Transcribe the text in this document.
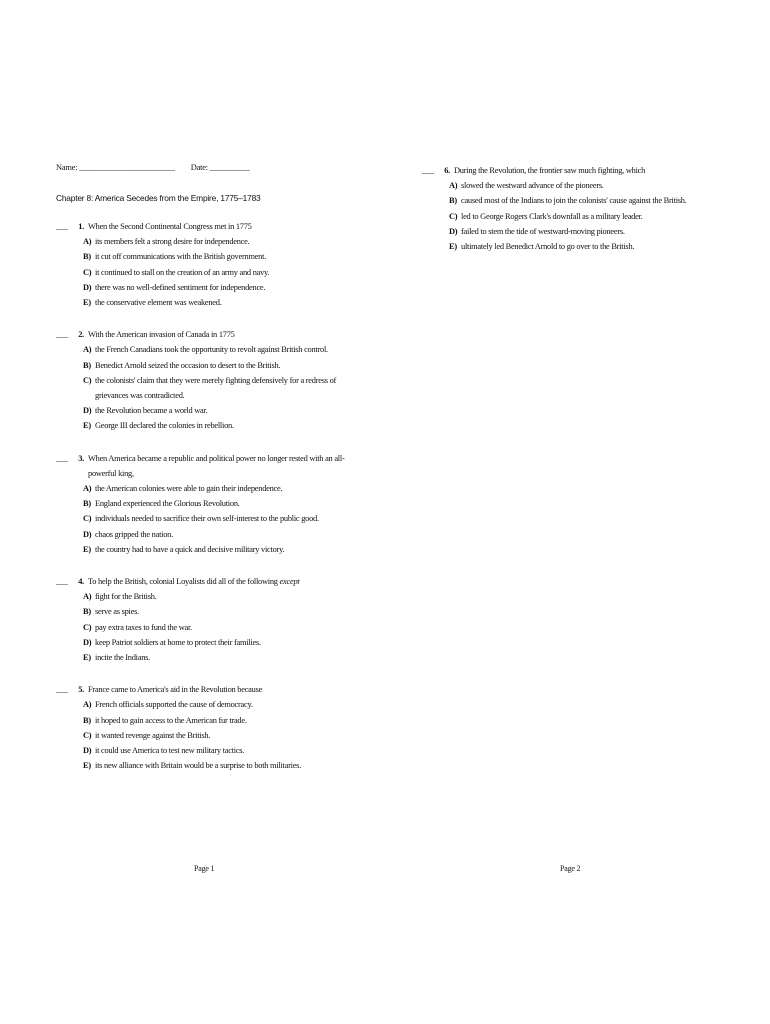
Name: ________________________ Date: __________
Chapter 8: America Secedes from the Empire, 1775–1783
___	1. When the Second Continental Congress met in 1775
A) its members felt a strong desire for independence.
B) it cut off communications with the British government.
C) it continued to stall on the creation of an army and navy.
D) there was no well-defined sentiment for independence.
E) the conservative element was weakened.
___	2. With the American invasion of Canada in 1775
A) the French Canadians took the opportunity to revolt against British control.
B) Benedict Arnold seized the occasion to desert to the British.
C) the colonists' claim that they were merely fighting defensively for a redress of grievances was contradicted.
D) the Revolution became a world war.
E) George III declared the colonies in rebellion.
___	3. When America became a republic and political power no longer rested with an all-powerful king,
A) the American colonies were able to gain their independence.
B) England experienced the Glorious Revolution.
C) individuals needed to sacrifice their own self-interest to the public good.
D) chaos gripped the nation.
E) the country had to have a quick and decisive military victory.
___	4. To help the British, colonial Loyalists did all of the following except
A) fight for the British.
B) serve as spies.
C) pay extra taxes to fund the war.
D) keep Patriot soldiers at home to protect their families.
E) incite the Indians.
___	5. France came to America's aid in the Revolution because
A) French officials supported the cause of democracy.
B) it hoped to gain access to the American fur trade.
C) it wanted revenge against the British.
D) it could use America to test new military tactics.
E) its new alliance with Britain would be a surprise to both militaries.
___	6. During the Revolution, the frontier saw much fighting, which
A) slowed the westward advance of the pioneers.
B) caused most of the Indians to join the colonists' cause against the British.
C) led to George Rogers Clark's downfall as a military leader.
D) failed to stem the tide of westward-moving pioneers.
E) ultimately led Benedict Arnold to go over to the British.
Page 1	Page 2
